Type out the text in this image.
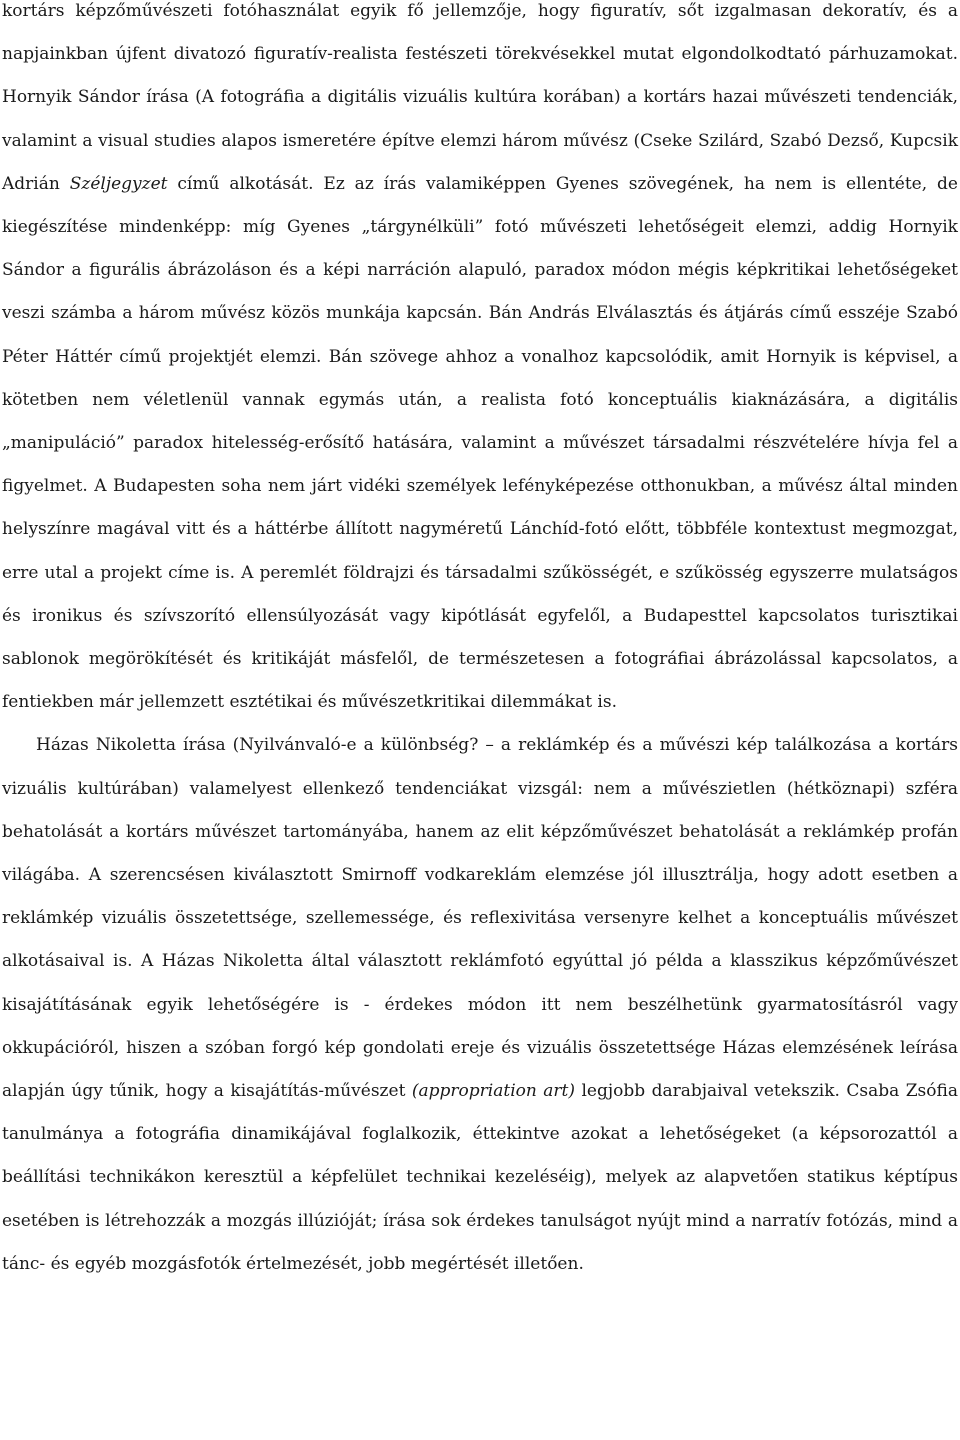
kortárs képzőművészeti fotóhasználat egyik fő jellemzője, hogy figuratív, sőt izgalmasan dekoratív, és a napjainkban újfent divatozó figuratív-realista festészeti törekvésekkel mutat elgondolkodtató párhuzamokat. Hornyik Sándor írása (A fotográfia a digitális vizuális kultúra korában) a kortárs hazai művészeti tendenciák, valamint a visual studies alapos ismeretére építve elemzi három művész (Cseke Szilárd, Szabó Dezső, Kupcsik Adrián Széljegyzet című alkotását. Ez az írás valamiképpen Gyenes szövegének, ha nem is ellentéte, de kiegészítése mindenképp: míg Gyenes „tárgynélküli” fotó művészeti lehetőségeit elemzi, addig Hornyik Sándor a figurális ábrázoláson és a képi narráción alapuló, paradox módon mégis képkritikai lehetőségeket veszi számba a három művész közös munkája kapcsán. Bán András Elválasztás és átjárás című esszéje Szabó Péter Háttér című projektjét elemzi. Bán szövege ahhoz a vonalhoz kapcsolódik, amit Hornyik is képvisel, a kötetben nem véletlenül vannak egymás után, a realista fotó konceptuális kiaknázására, a digitális „manipuláció” paradox hitelesség-erősítő hatására, valamint a művészet társadalmi részvételére hívja fel a figyelmet. A Budapesten soha nem járt vidéki személyek lefényképezése otthonukban, a művész által minden helyszínre magával vitt és a háttérbe állított nagyméretű Lánchíd-fotó előtt, többféle kontextust megmozgat, erre utal a projekt címe is. A peremlét földrajzi és társadalmi szűkösségét, e szűkösség egyszerre mulatságos és ironikus és szívszorító ellensúlyozását vagy kipótlását egyfelől, a Budapesttel kapcsolatos turisztikai sablonok megörökítését és kritikáját másfelől, de természetesen a fotográfiai ábrázolással kapcsolatos, a fentiekben már jellemzett esztétikai és művészetkritikai dilemmákat is.

Házas Nikoletta írása (Nyilvánvaló-e a különbség? – a reklámkép és a művészi kép találkozása a kortárs vizuális kultúrában) valamelyest ellenkező tendenciákat vizsgál: nem a művészietlen (hétköznapi) szféra behatolását a kortárs művészet tartományába, hanem az elit képzőművészet behatolását a reklámkép profán világába. A szerencsésen kiválasztott Smirnoff vodkareklám elemzése jól illusztrálja, hogy adott esetben a reklámkép vizuális összetettsége, szellemessége, és reflexivitása versenyre kelhet a konceptuális művészet alkotásaival is. A Házas Nikoletta által választott reklámfotó egyúttal jó példa a klasszikus képzőművészet kisajátításának egyik lehetőségére is - érdekes módon itt nem beszélhetünk gyarmatosításról vagy okkupációról, hiszen a szóban forgó kép gondolati ereje és vizuális összetettsége Házas elemzésének leírása alapján úgy tűnik, hogy a kisajátítás-művészet (appropriation art) legjobb darabjaival vetekszik. Csaba Zsófia tanulmánya a fotográfia dinamikájával foglalkozik, éttekintve azokat a lehetőségeket (a képsorozattól a beállítási technikákon keresztül a képfelület technikai kezeléséig), melyek az alapvetően statikus képtípus esetében is létrehozzák a mozgás illúzióját; írása sok érdekes tanulságot nyújt mind a narratív fotózás, mind a tánc- és egyéb mozgásfotók értelmezését, jobb megértését illetően.
